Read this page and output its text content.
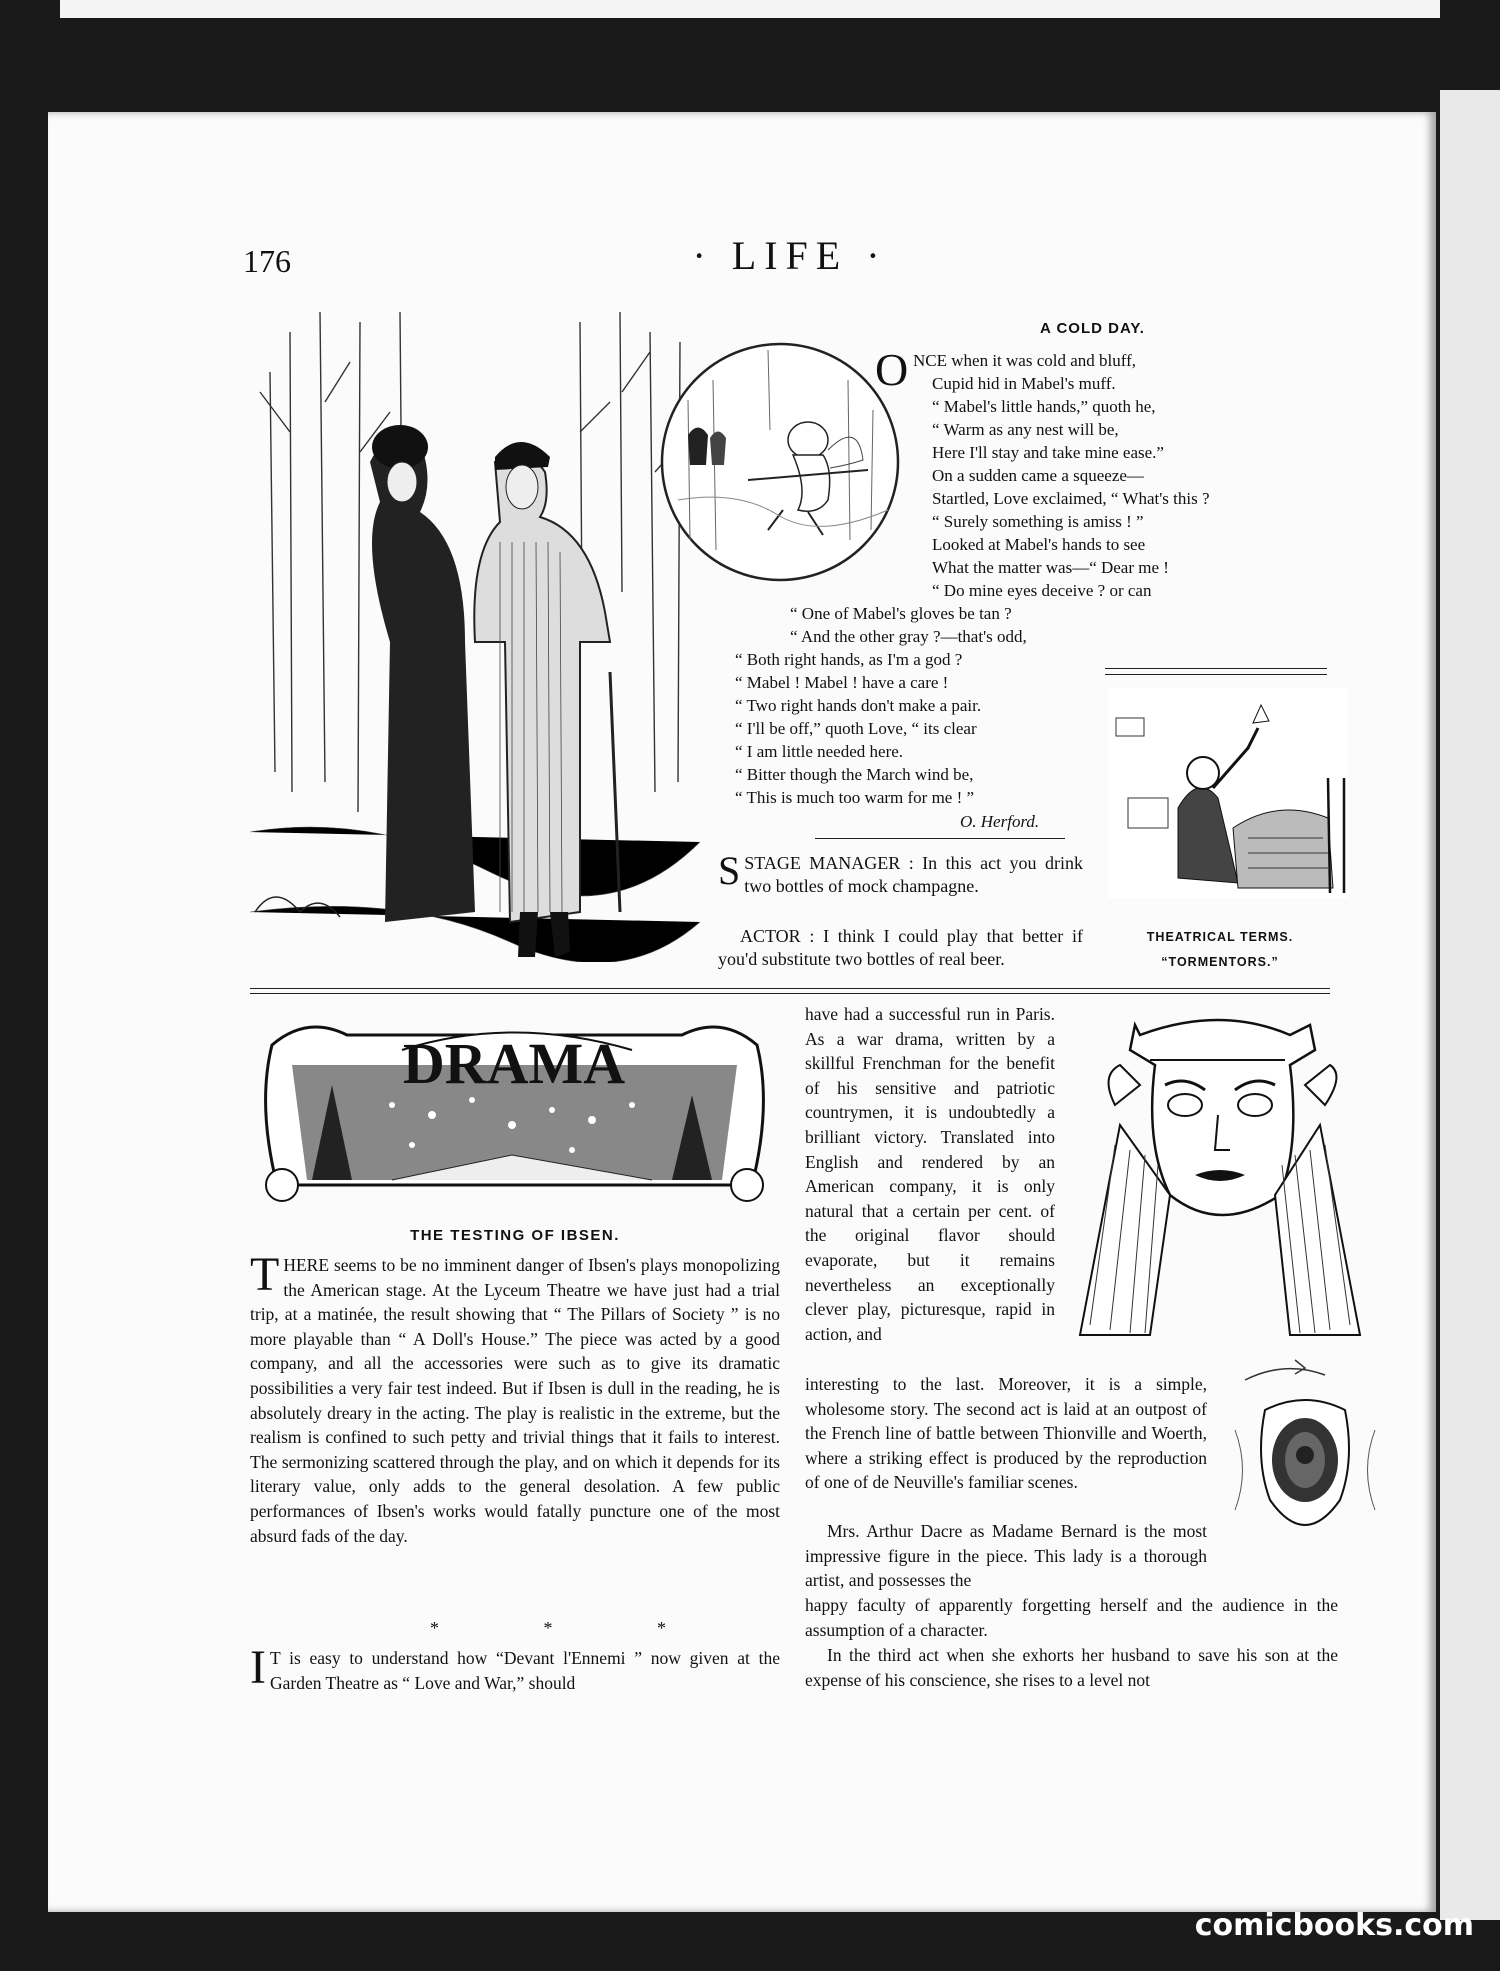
176	· LIFE ·
A COLD DAY.
O NCE when it was cold and bluff,
Cupid hid in Mabel's muff.
“ Mabel's little hands,” quoth he,
“ Warm as any nest will be,
Here I'll stay and take mine ease.”
On a sudden came a squeeze—
Startled, Love exclaimed, “ What's this ?
“ Surely something is amiss ! ”
Looked at Mabel's hands to see
What the matter was—“ Dear me !
“ Do mine eyes deceive ? or can
“ One of Mabel's gloves be tan ?
“ And the other gray ?—that's odd,
“ Both right hands, as I'm a god ?
“ Mabel ! Mabel ! have a care !
“ Two right hands don't make a pair.
“ I'll be off,” quoth Love, “ its clear
“ I am little needed here.
“ Bitter though the March wind be,
“ This is much too warm for me ! ”
O. Herford.
SSTAGE MANAGER : In this act you drink two bottles of mock champagne.
ACTOR : I think I could play that better if you'd substitute two bottles of real beer.
THEATRICAL TERMS.
“TORMENTORS.”
DRAMA
THE TESTING OF IBSEN.
THERE seems to be no imminent danger of Ibsen's plays monopolizing the American stage. At the Lyceum Theatre we have just had a trial trip, at a matinée, the result showing that “ The Pillars of Society ” is no more playable than “ A Doll's House.” The piece was acted by a good company, and all the accessories were such as to give its dramatic possibilities a very fair test indeed. But if Ibsen is dull in the reading, he is absolutely dreary in the acting. The play is realistic in the extreme, but the realism is confined to such petty and trivial things that it fails to interest. The sermonizing scattered through the play, and on which it depends for its literary value, only adds to the general desolation. A few public performances of Ibsen's works would fatally puncture one of the most absurd fads of the day.
* * *
I T is easy to understand how “Devant l'Ennemi ” now given at the Garden Theatre as “ Love and War,” should
have had a successful run in Paris. As a war drama, written by a skillful Frenchman for the benefit of his sensitive and patriotic countrymen, it is undoubtedly a brilliant victory. Translated into English and rendered by an American company, it is only natural that a certain per cent. of the original flavor should evaporate, but it remains nevertheless an exceptionally clever play, picturesque, rapid in action, and
interesting to the last. Moreover, it is a simple, wholesome story. The second act is laid at an outpost of the French line of battle between Thionville and Woerth, where a striking effect is produced by the reproduction of one of de Neuville's familiar scenes.
Mrs. Arthur Dacre as Madame Bernard is the most impressive figure in the piece. This lady is a thorough artist, and possesses the
happy faculty of apparently forgetting herself and the audience in the assumption of a character.
In the third act when she exhorts her husband to save his son at the expense of his conscience, she rises to a level not
comicbooks.com
